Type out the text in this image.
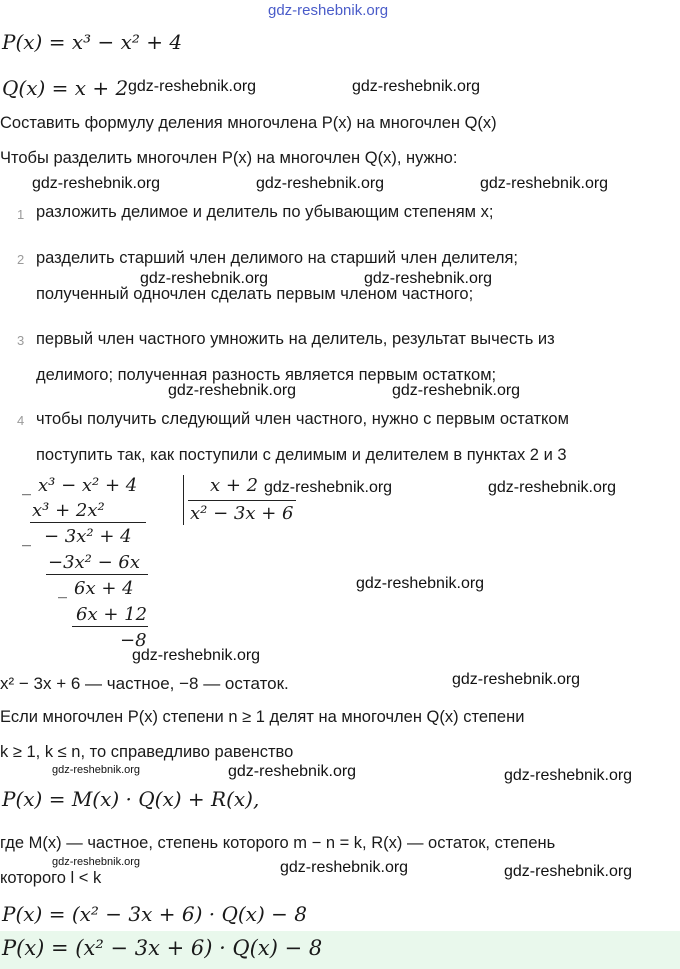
gdz-reshebnik.org
P(x) = x³ − x² + 4
Q(x) = x + 2 gdz-reshebnik.org	gdz-reshebnik.org
Составить формулу деления многочлена P(x) на многочлен Q(x)
Чтобы разделить многочлен P(x) на многочлен Q(x), нужно:
gdz-reshebnik.org	gdz-reshebnik.org	gdz-reshebnik.org
1 разложить делимое и делитель по убывающим степеням x;
2 разделить старший член делимого на старший член делителя;
полученный одночлен сделать первым членом частного;
gdz-reshebnik.org	gdz-reshebnik.org
3 первый член частного умножить на делитель, результат вычесть из
делимого; полученная разность является первым остатком;
gdz-reshebnik.org	gdz-reshebnik.org
4 чтобы получить следующий член частного, нужно с первым остатком
поступить так, как поступили с делимым и делителем в пунктах 2 и 3
_ x³ − x² + 4	x + 2
x² − 3x + 6
gdz-reshebnik.org	gdz-reshebnik.org
x³ + 2x²
_ − 3x² + 4
−3x² − 6x
_ 6x + 4	gdz-reshebnik.org
6x + 12
−8
gdz-reshebnik.org
x² − 3x + 6 — частное, −8 — остаток.	gdz-reshebnik.org
Если многочлен P(x) степени n ≥ 1 делят на многочлен Q(x) степени
k ≥ 1, k ≤ n, то справедливо равенство
gdz-reshebnik.org	gdz-reshebnik.org	gdz-reshebnik.org
P(x) = M(x) · Q(x) + R(x),
где M(x) — частное, степень которого m − n = k, R(x) — остаток, степень
gdz-reshebnik.org
которого l < k
gdz-reshebnik.org	gdz-reshebnik.org
P(x) = (x² − 3x + 6) · Q(x) − 8
P(x) = (x² − 3x + 6) · Q(x) − 8
